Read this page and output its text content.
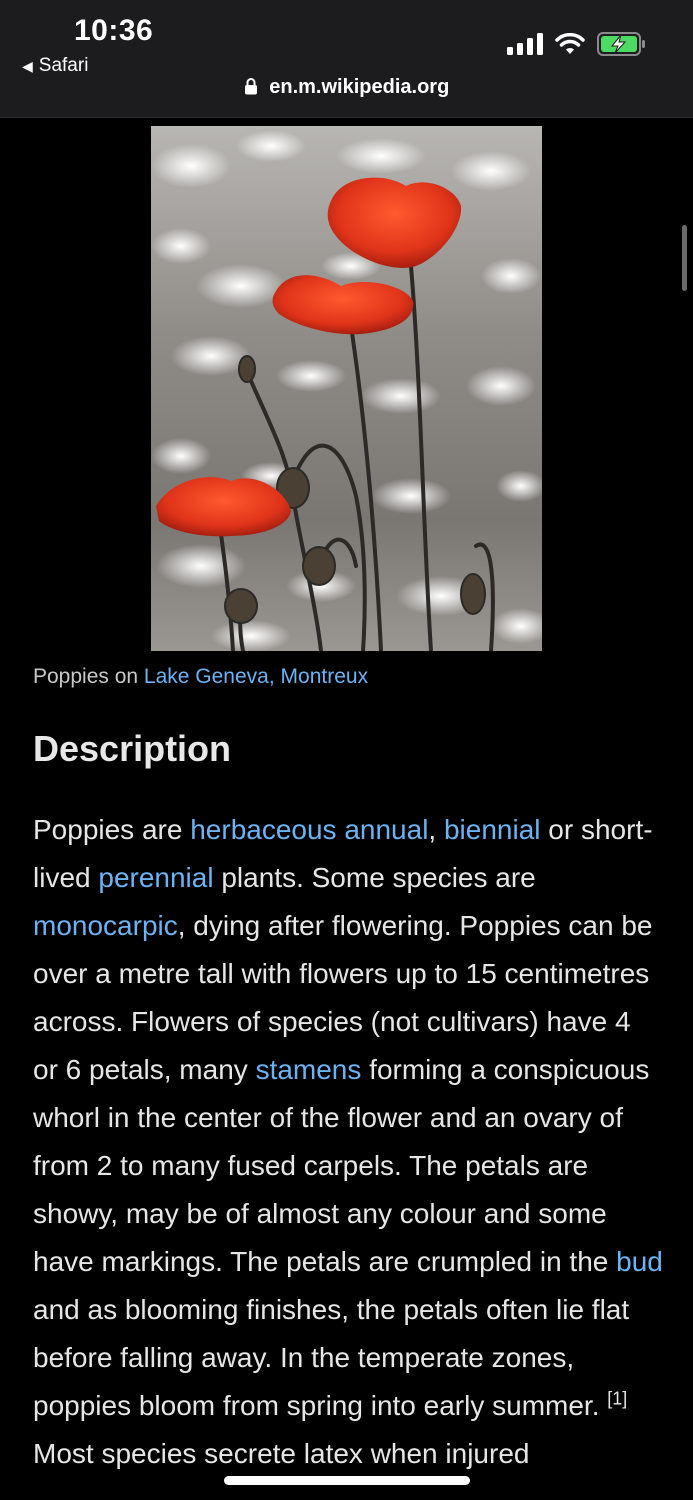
10:36
◀ Safari
en.m.wikipedia.org
Poppies on Lake Geneva, Montreux
Description

Poppies are herbaceous annual, biennial or short-lived perennial plants. Some species are monocarpic, dying after flowering. Poppies can be over a metre tall with flowers up to 15 centimetres across. Flowers of species (not cultivars) have 4 or 6 petals, many stamens forming a conspicuous whorl in the center of the flower and an ovary of from 2 to many fused carpels. The petals are showy, may be of almost any colour and some have markings. The petals are crumpled in the bud and as blooming finishes, the petals often lie flat before falling away. In the temperate zones, poppies bloom from spring into early summer. [1] Most species secrete latex when injured
